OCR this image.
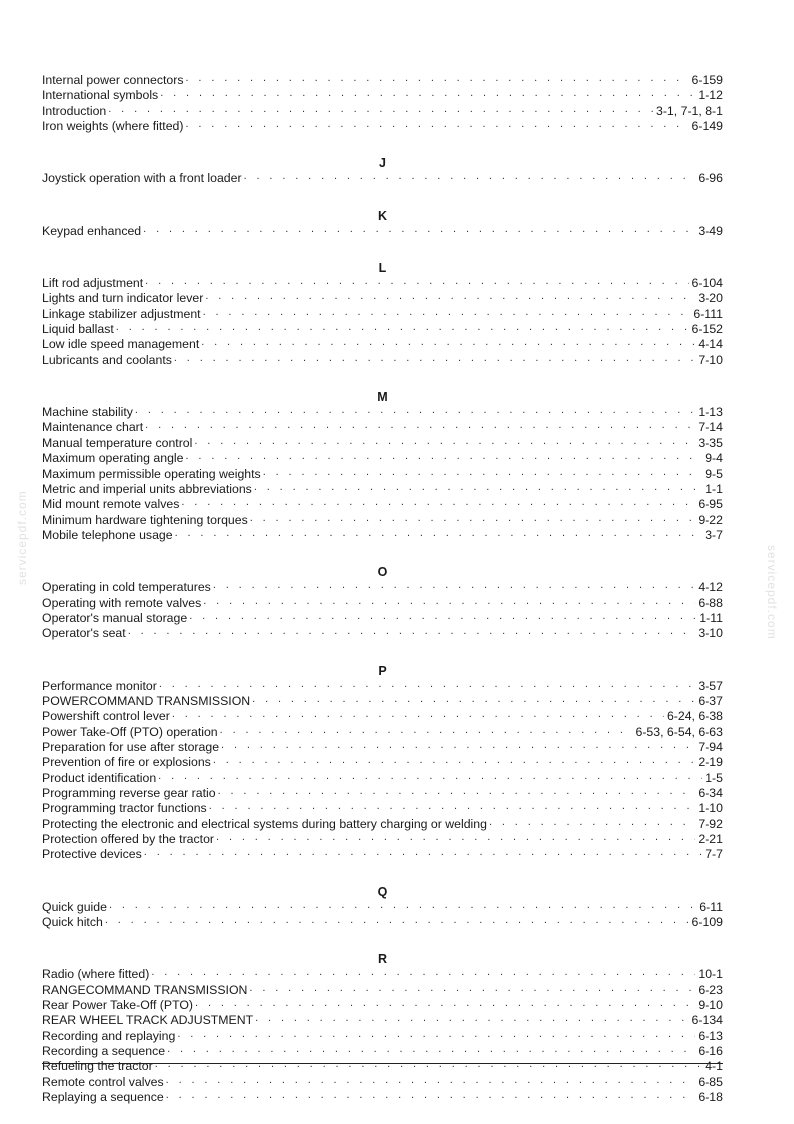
servicepdf.com
servicepdf.com
Internal power connectors . . .	6-159
International symbols . . .	1-12
Introduction . . .	3-1, 7-1, 8-1
Iron weights (where fitted) . . .	6-149
J
Joystick operation with a front loader . . .	6-96
K
Keypad enhanced . . .	3-49
L
Lift rod adjustment . . .	6-104
Lights and turn indicator lever . . .	3-20
Linkage stabilizer adjustment . . .	6-111
Liquid ballast . . .	6-152
Low idle speed management . . .	4-14
Lubricants and coolants . . .	7-10
M
Machine stability . . .	1-13
Maintenance chart . . .	7-14
Manual temperature control . . .	3-35
Maximum operating angle . . .	9-4
Maximum permissible operating weights . . .	9-5
Metric and imperial units abbreviations . . .	1-1
Mid mount remote valves . . .	6-95
Minimum hardware tightening torques . . .	9-22
Mobile telephone usage . . .	3-7
O
Operating in cold temperatures . . .	4-12
Operating with remote valves . . .	6-88
Operator's manual storage . . .	1-11
Operator's seat . . .	3-10
P
Performance monitor . . .	3-57
POWERCOMMAND TRANSMISSION . . .	6-37
Powershift control lever . . .	6-24, 6-38
Power Take-Off (PTO) operation . . .	6-53, 6-54, 6-63
Preparation for use after storage . . .	7-94
Prevention of fire or explosions . . .	2-19
Product identification . . .	1-5
Programming reverse gear ratio . . .	6-34
Programming tractor functions . . .	1-10
Protecting the electronic and electrical systems during battery charging or welding . . .	7-92
Protection offered by the tractor . . .	2-21
Protective devices . . .	7-7
Q
Quick guide . . .	6-11
Quick hitch . . .	6-109
R
Radio (where fitted) . . .	10-1
RANGECOMMAND TRANSMISSION . . .	6-23
Rear Power Take-Off (PTO) . . .	9-10
REAR WHEEL TRACK ADJUSTMENT . . .	6-134
Recording and replaying . . .	6-13
Recording a sequence . . .	6-16
Refueling the tractor . . .	4-1
Remote control valves . . .	6-85
Replaying a sequence . . .	6-18
